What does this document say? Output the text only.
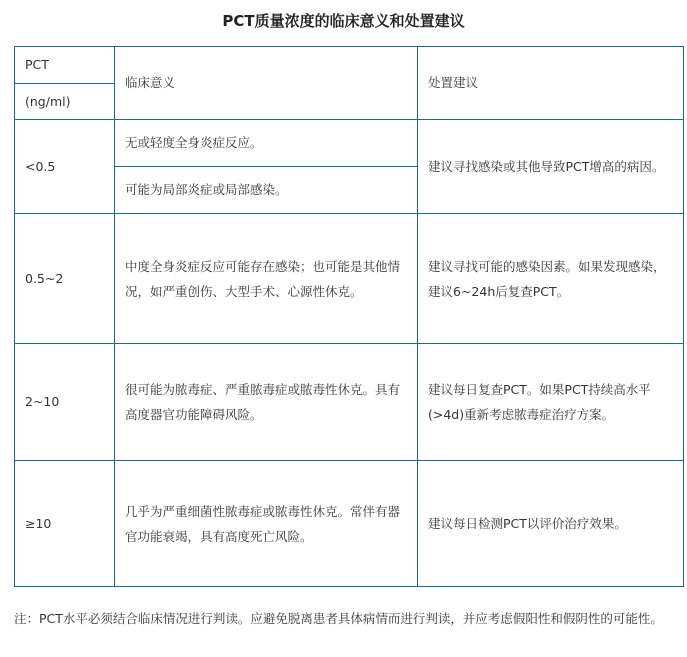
PCT质量浓度的临床意义和处置建议
PCT	临床意义	处置建议
(ng/ml)		
<0.5	无或轻度全身炎症反应。	建议寻找感染或其他导致PCT增高的病因。
	可能为局部炎症或局部感染。	
0.5~2	中度全身炎症反应可能存在感染；也可能是其他情况，如严重创伤、大型手术、心源性休克。	建议寻找可能的感染因素。如果发现感染，建议6~24h后复查PCT。
2~10	很可能为脓毒症、严重脓毒症或脓毒性休克。具有高度器官功能障碍风险。	建议每日复查PCT。如果PCT持续高水平(>4d)重新考虑脓毒症治疗方案。
≥10	几乎为严重细菌性脓毒症或脓毒性休克。常伴有器官功能衰竭，具有高度死亡风险。	建议每日检测PCT以评价治疗效果。
注：PCT水平必须结合临床情况进行判读。应避免脱离患者具体病情而进行判读，并应考虑假阳性和假阴性的可能性。
